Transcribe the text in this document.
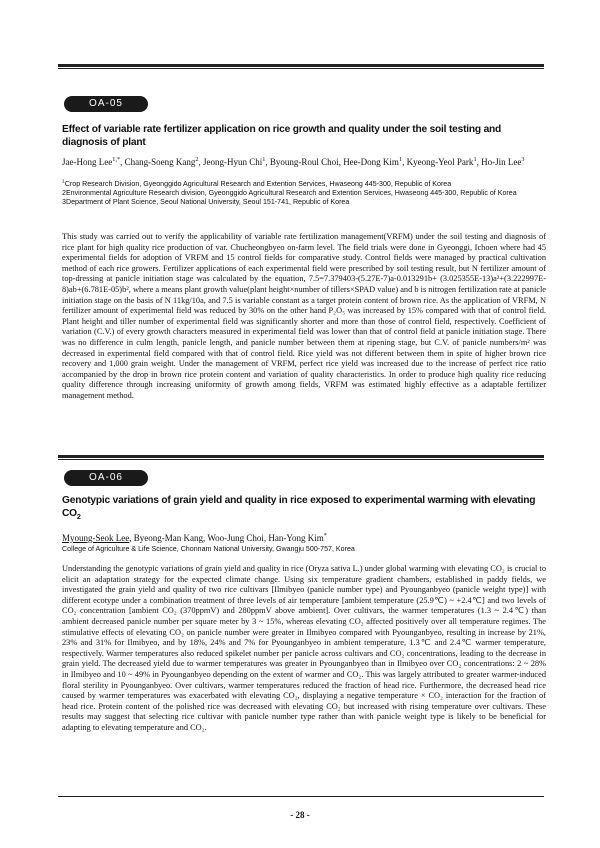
OA-05
Effect of variable rate fertilizer application on rice growth and quality under the soil testing and diagnosis of plant
Jae-Hong Lee$^{1,*}$, Chang-Soeng Kang$^2$, Jeong-Hyun Chi$^1$, Byoung-Roul Choi, Hee-Dong Kim$^1$, Kyeong-Yeol Park$^1$, Ho-Jin Lee$^3$
$^1$Crop Research Division, Gyeonggido Agricultural Research and Extention Services, Hwaseong 445-300, Republic of Korea
2Environmental Agriculture Research division, Gyeonggido Agricultural Research and Extention Services, Hwaseong 445-300, Republic of Korea
3Department of Plant Science, Seoul National University, Seoul 151-741, Republic of Korea
This study was carried out to verify the applicability of variable rate fertilization management(VRFM) under the soil testing and diagnosis of rice plant for high quality rice production of var. Chucheongbyeo on-farm level. The field trials were done in Gyeonggi, Ichoen where had 45 experimental fields for adoption of VRFM and 15 control fields for comparative study. Control fields were managed by practical cultivation method of each rice growers. Fertilizer applications of each experimental field were prescribed by soil testing result, but N fertilizer amount of top-dressing at panicle initiation stage was calculated by the equation, 7.5=7.379403-(5.27E-7)a-0.013291b+ (3.025355E-13)a²+(3.222997E-8)ab+(6.781E-05)b², where a means plant growth value(plant height×number of tillers×SPAD value) and b is nitrogen fertilization rate at panicle initiation stage on the basis of N 11kg/10a, and 7.5 is variable constant as a target protein content of brown rice. As the application of VRFM, N fertilizer amount of experimental field was reduced by 30% on the other hand P₂O₅ was increased by 15% compared with that of control field. Plant height and tiller number of experimental field was significantly shorter and more than those of control field, respectively. Coefficient of variation (C.V.) of every growth characters measured in experimental field was lower than that of control field at panicle initiation stage. There was no difference in culm length, panicle length, and panicle number between them at ripening stage, but C.V. of panicle numbers/m² was decreased in experimental field compared with that of control field. Rice yield was not different between them in spite of higher brown rice recovery and 1,000 grain weight. Under the management of VRFM, perfect rice yield was increased due to the increase of perfect rice ratio accompanied by the drop in brown rice protein content and variation of quality characteristics. In order to produce high quality rice reducing quality difference through increasing uniformity of growth among fields, VRFM was estimated highly effective as a adaptable fertilizer management method.
OA-06
Genotypic variations of grain yield and quality in rice exposed to experimental warming with elevating $CO_2$
Myoung-Seok Lee, Byeong-Man Kang, Woo-Jung Choi, Han-Yong Kim*
College of Agriculture & Life Science, Chonnam National University, Gwangju 500-757, Korea
Understanding the genotypic variations of grain yield and quality in rice (Oryza sativa L.) under global warming with elevating CO₂ is crucial to elicit an adaptation strategy for the expected climate change. Using six temperature gradient chambers, established in paddy fields, we investigated the grain yield and quality of two rice cultivars [Ilmibyeo (panicle number type) and Pyounganbyeo (panicle weight type)] with different ecotype under a combination treatment of three levels of air temperature [ambient temperature (25.9℃) ~ +2.4℃] and two levels of CO₂ concentration [ambient CO₂ (370ppmV) and 280ppmV above ambient]. Over cultivars, the warmer temperatures (1.3 ~ 2.4℃) than ambient decreased panicle number per square meter by 3 ~ 15%, whereas elevating CO₂ affected positively over all temperature regimes. The stimulative effects of elevating CO₂ on panicle number were greater in Ilmibyeo compared with Pyounganbyeo, resulting in increase by 21%, 23% and 31% for Ilmibyeo, and by 18%, 24% and 7% for Pyounganbyeo in ambient temperature, 1.3℃ and 2.4℃ warmer temperature, respectively. Warmer temperatures also reduced spikelet number per panicle across cultivars and CO₂ concentrations, leading to the decrease in grain yield. The decreased yield due to warmer temperatures was greater in Pyounganbyeo than in Ilmibyeo over CO₂ concentrations: 2 ~ 28% in Ilmibyeo and 10 ~ 49% in Pyounganbyeo depending on the extent of warmer and CO₂. This was largely attributed to greater warmer-induced floral sterility in Pyounganbyeo. Over cultivars, warmer temperatures reduced the fraction of head rice. Furthermore, the decreased head rice caused by warmer temperatures was exacerbated with elevating CO₂, displaying a negative temperature × CO₂ interaction for the fraction of head rice. Protein content of the polished rice was decreased with elevating CO₂ but increased with rising temperature over cultivars. These results may suggest that selecting rice cultivar with panicle number type rather than with panicle weight type is likely to be beneficial for adapting to elevating temperature and CO₂.
- 28 -
